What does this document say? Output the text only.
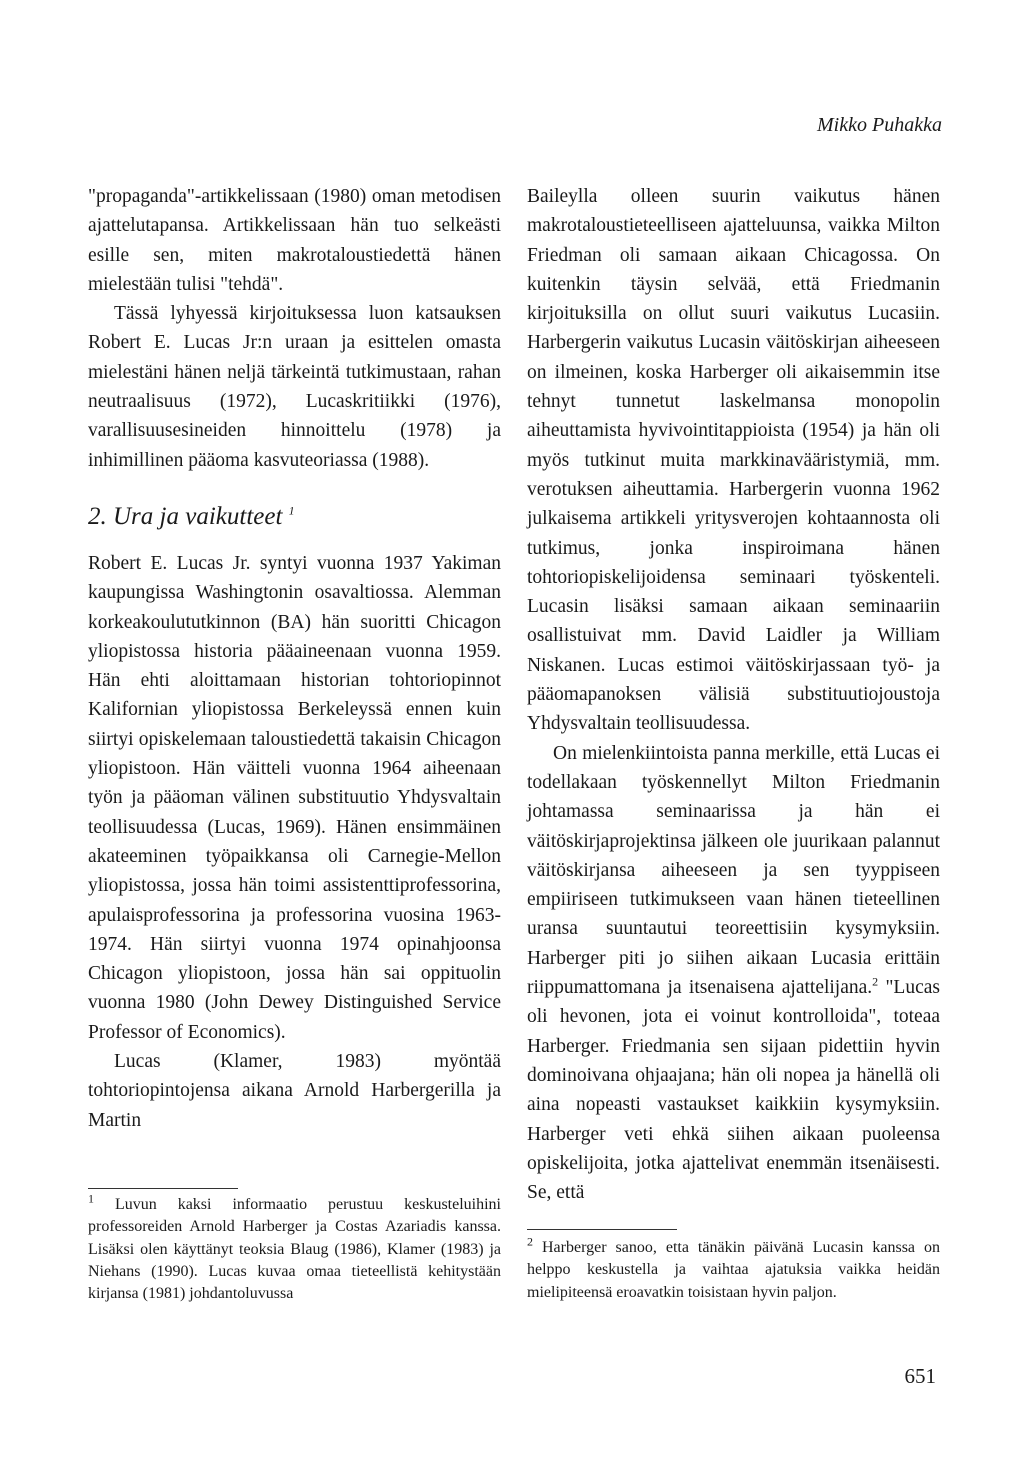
Mikko Puhakka

"propaganda"-artikkelissaan (1980) oman metodisen ajattelutapansa. Artikkelissaan hän tuo selkeästi esille sen, miten makrotaloustiedettä hänen mielestään tulisi "tehdä".

Tässä lyhyessä kirjoituksessa luon katsauksen Robert E. Lucas Jr:n uraan ja esittelen omasta mielestäni hänen neljä tärkeintä tutkimustaan, rahan neutraalisuus (1972), Lucaskritiikki (1976), varallisuusesineiden hinnoittelu (1978) ja inhimillinen pääoma kasvuteoriassa (1988).

2. Ura ja vaikutteet $^1$

Robert E. Lucas Jr. syntyi vuonna 1937 Yakiman kaupungissa Washingtonin osavaltiossa. Alemman korkeakoulututkinnon (BA) hän suoritti Chicagon yliopistossa historia pääaineenaan vuonna 1959. Hän ehti aloittamaan historian tohtoriopinnot Kalifornian yliopistossa Berkeleyssä ennen kuin siirtyi opiskelemaan taloustiedettä takaisin Chicagon yliopistoon. Hän väitteli vuonna 1964 aiheenaan työn ja pääoman välinen substituutio Yhdysvaltain teollisuudessa (Lucas, 1969). Hänen ensimmäinen akateeminen työpaikkansa oli Carnegie-Mellon yliopistossa, jossa hän toimi assistenttiprofessorina, apulaisprofessorina ja professorina vuosina 1963-1974. Hän siirtyi vuonna 1974 opinahjoonsa Chicagon yliopistoon, jossa hän sai oppituolin vuonna 1980 (John Dewey Distinguished Service Professor of Economics).

Lucas (Klamer, 1983) myöntää tohtoriopintojensa aikana Arnold Harbergerilla ja Martin

Baileylla olleen suurin vaikutus hänen makrotaloustieteelliseen ajatteluunsa, vaikka Milton Friedman oli samaan aikaan Chicagossa. On kuitenkin täysin selvää, että Friedmanin kirjoituksilla on ollut suuri vaikutus Lucasiin. Harbergerin vaikutus Lucasin väitöskirjan aiheeseen on ilmeinen, koska Harberger oli aikaisemmin itse tehnyt tunnetut laskelmansa monopolin aiheuttamista hyvivointitappioista (1954) ja hän oli myös tutkinut muita markkinavääristymiä, mm. verotuksen aiheuttamia. Harbergerin vuonna 1962 julkaisema artikkeli yritysverojen kohtaannosta oli tutkimus, jonka inspiroimana hänen tohtoriopiskelijoidensa seminaari työskenteli. Lucasin lisäksi samaan aikaan seminaariin osallistuivat mm. David Laidler ja William Niskanen. Lucas estimoi väitöskirjassaan työ- ja pääomapanoksen välisiä substituutiojoustoja Yhdysvaltain teollisuudessa.

On mielenkiintoista panna merkille, että Lucas ei todellakaan työskennellyt Milton Friedmanin johtamassa seminaarissa ja hän ei väitöskirjaprojektinsa jälkeen ole juurikaan palannut väitöskirjansa aiheeseen ja sen tyyppiseen empiiriseen tutkimukseen vaan hänen tieteellinen uransa suuntautui teoreettisiin kysymyksiin. Harberger piti jo siihen aikaan Lucasia erittäin riippumattomana ja itsenaisena ajattelijana.$^2$ "Lucas oli hevonen, jota ei voinut kontrolloida", toteaa Harberger. Friedmania sen sijaan pidettiin hyvin dominoivana ohjaajana; hän oli nopea ja hänellä oli aina nopeasti vastaukset kaikkiin kysymyksiin. Harberger veti ehkä siihen aikaan puoleensa opiskelijoita, jotka ajattelivat enemmän itsenäisesti. Se, että

$^1$ Luvun kaksi informaatio perustuu keskusteluihini professoreiden Arnold Harberger ja Costas Azariadis kanssa. Lisäksi olen käyttänyt teoksia Blaug (1986), Klamer (1983) ja Niehans (1990). Lucas kuvaa omaa tieteellistä kehitystään kirjansa (1981) johdantoluvussa

$^2$ Harberger sanoo, etta tänäkin päivänä Lucasin kanssa on helppo keskustella ja vaihtaa ajatuksia vaikka heidän mielipiteensä eroavatkin toisistaan hyvin paljon.

651
